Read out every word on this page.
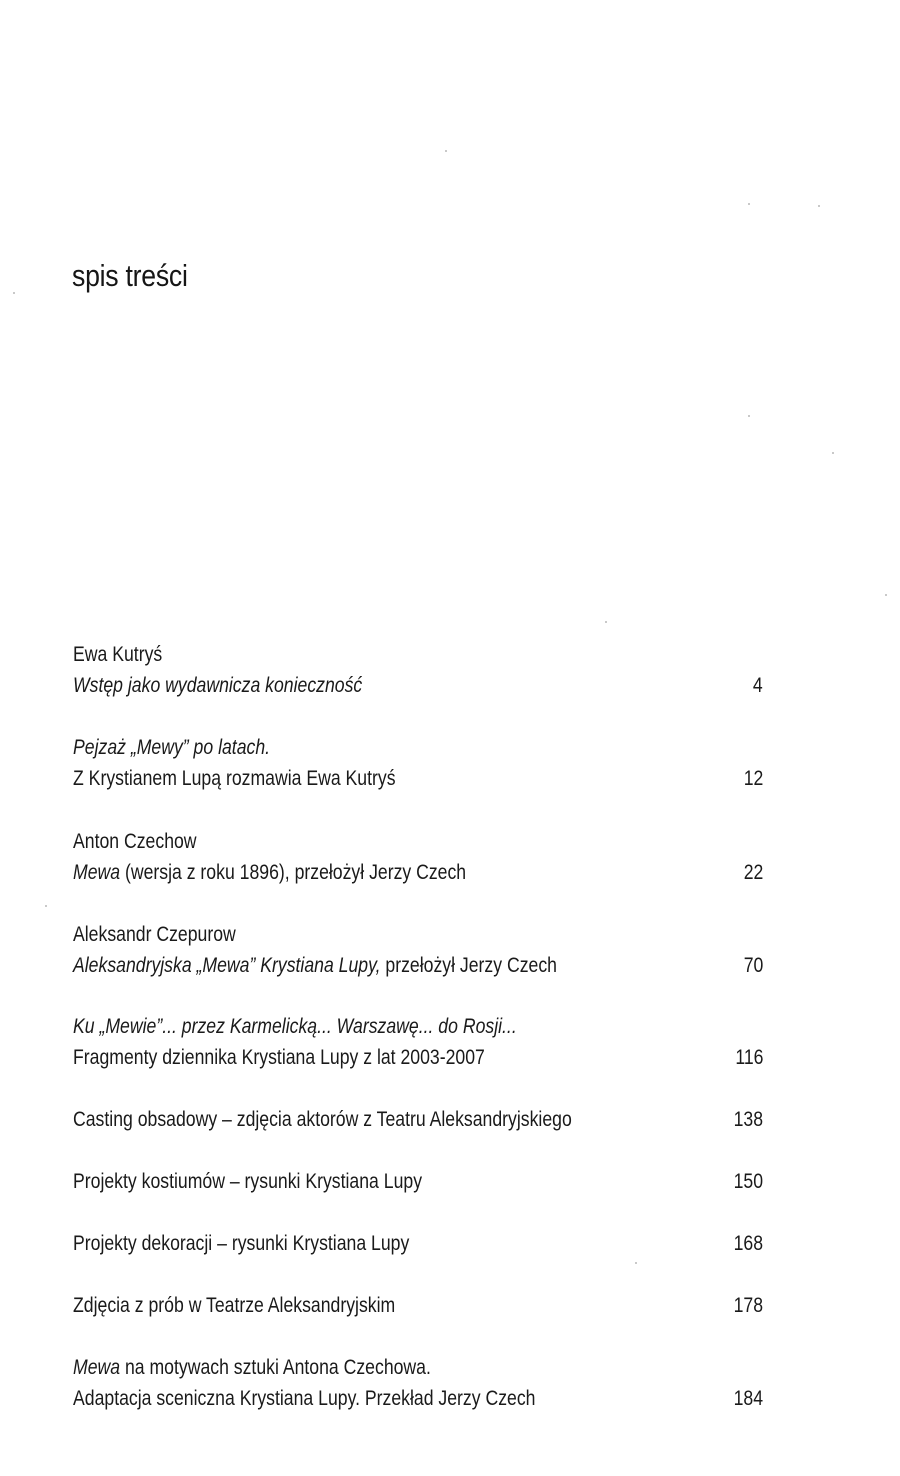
spis treści
Ewa Kutryś
Wstęp jako wydawnicza konieczność	4
Pejzaż „Mewy” po latach.
Z Krystianem Lupą rozmawia Ewa Kutryś	12
Anton Czechow
Mewa (wersja z roku 1896), przełożył Jerzy Czech	22
Aleksandr Czepurow
Aleksandryjska „Mewa” Krystiana Lupy, przełożył Jerzy Czech	70
Ku „Mewie”... przez Karmelicką... Warszawę... do Rosji...
Fragmenty dziennika Krystiana Lupy z lat 2003-2007	116
Casting obsadowy – zdjęcia aktorów z Teatru Aleksandryjskiego	138
Projekty kostiumów – rysunki Krystiana Lupy	150
Projekty dekoracji – rysunki Krystiana Lupy	168
Zdjęcia z prób w Teatrze Aleksandryjskim	178
Mewa na motywach sztuki Antona Czechowa.
Adaptacja sceniczna Krystiana Lupy. Przekład Jerzy Czech	184
